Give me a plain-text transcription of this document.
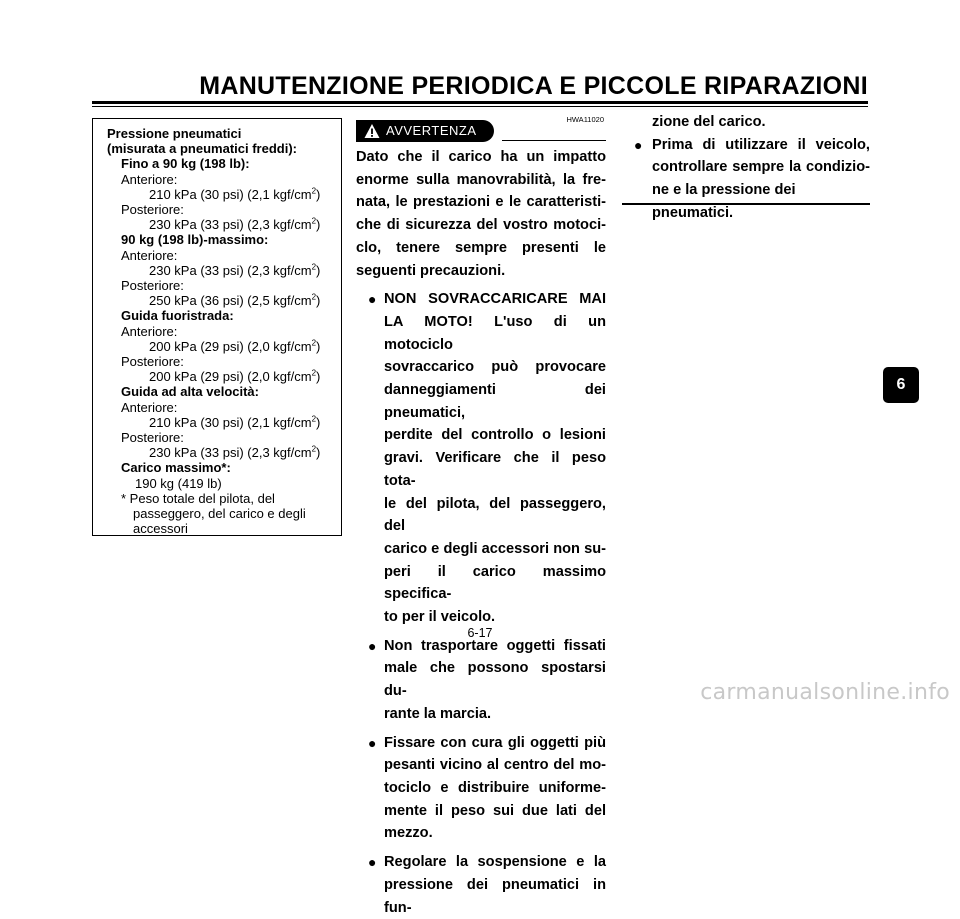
MANUTENZIONE PERIODICA E PICCOLE RIPARAZIONI
Pressione pneumatici
(misurata a pneumatici freddi):
Fino a 90 kg (198 lb):
Anteriore:
210 kPa (30 psi) (2,1 kgf/$cm^2$)
Posteriore:
230 kPa (33 psi) (2,3 kgf/$cm^2$)
90 kg (198 lb)-massimo:
Anteriore:
230 kPa (33 psi) (2,3 kgf/$cm^2$)
Posteriore:
250 kPa (36 psi) (2,5 kgf/$cm^2$)
Guida fuoristrada:
Anteriore:
200 kPa (29 psi) (2,0 kgf/$cm^2$)
Posteriore:
200 kPa (29 psi) (2,0 kgf/$cm^2$)
Guida ad alta velocità:
Anteriore:
210 kPa (30 psi) (2,1 kgf/$cm^2$)
Posteriore:
230 kPa (33 psi) (2,3 kgf/$cm^2$)
Carico massimo*:
190 kg (419 lb)
* Peso totale del pilota, del
passeggero, del carico e degli
accessori
HWA11020
AVVERTENZA
Dato che il carico ha un impatto
enorme sulla manovrabilità, la fre-
nata, le prestazioni e le caratteristi-
che di sicurezza del vostro motoci-
clo, tenere sempre presenti le
seguenti precauzioni.
● NON SOVRACCARICARE MAI
LA MOTO! L'uso di un motociclo
sovraccarico può provocare
danneggiamenti dei pneumatici,
perdite del controllo o lesioni
gravi. Verificare che il peso tota-
le del pilota, del passeggero, del
carico e degli accessori non su-
peri il carico massimo specifica-
to per il veicolo.
● Non trasportare oggetti fissati
male che possono spostarsi du-
rante la marcia.
● Fissare con cura gli oggetti più
pesanti vicino al centro del mo-
tociclo e distribuire uniforme-
mente il peso sui due lati del
mezzo.
● Regolare la sospensione e la
pressione dei pneumatici in fun-
zione del carico.
● Prima di utilizzare il veicolo,
controllare sempre la condizio-
ne e la pressione dei pneumatici.
6-17
6
carmanualsonline.info
